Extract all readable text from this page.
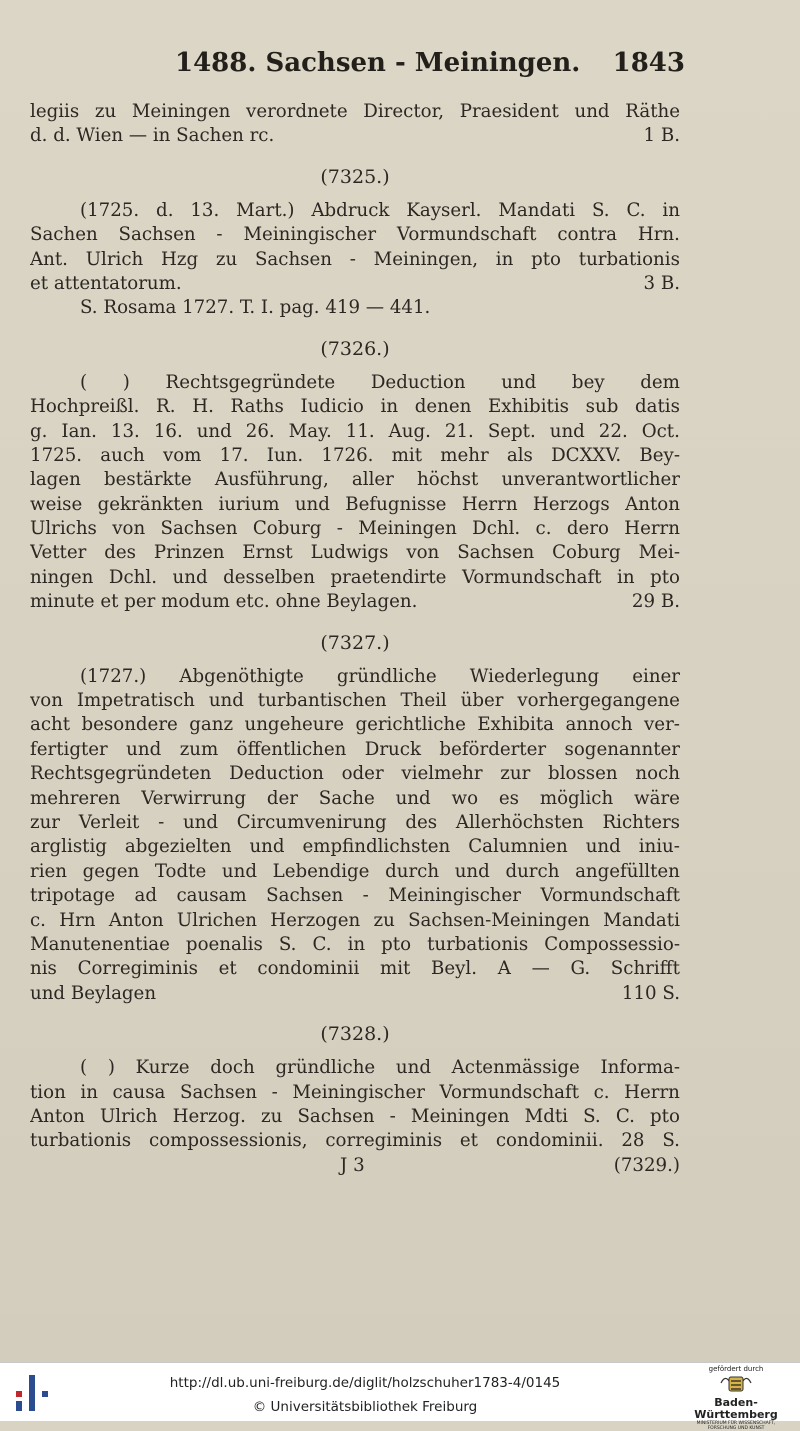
1488. Sachsen - Meiningen. 1843
legiis zu Meiningen verordnete Director, Praesident und Räthe
d. d. Wien — in Sachen rc.	1 B.
(7325.)
(1725. d. 13. Mart.) Abdruck Kayserl. Mandati S. C. in
Sachen Sachsen - Meiningischer Vormundschaft contra Hrn.
Ant. Ulrich Hzg zu Sachsen - Meiningen, in pto turbationis
et attentatorum.	3 B.
S. Rosama 1727. T. I. pag. 419 — 441.
(7326.)
( ) Rechtsgegründete Deduction und bey dem
Hochpreißl. R. H. Raths Iudicio in denen Exhibitis sub datis
g. Ian. 13. 16. und 26. May. 11. Aug. 21. Sept. und 22. Oct.
1725. auch vom 17. Iun. 1726. mit mehr als DCXXV. Bey-
lagen bestärkte Ausführung, aller höchst unverantwortlicher
weise gekränkten iurium und Befugnisse Herrn Herzogs Anton
Ulrichs von Sachsen Coburg - Meiningen Dchl. c. dero Herrn
Vetter des Prinzen Ernst Ludwigs von Sachsen Coburg Mei-
ningen Dchl. und desselben praetendirte Vormundschaft in pto
minute et per modum etc. ohne Beylagen.	29 B.
(7327.)
(1727.) Abgenöthigte gründliche Wiederlegung einer
von Impetratisch und turbantischen Theil über vorhergegangene
acht besondere ganz ungeheure gerichtliche Exhibita annoch ver-
fertigter und zum öffentlichen Druck beförderter sogenannter
Rechtsgegründeten Deduction oder vielmehr zur blossen noch
mehreren Verwirrung der Sache und wo es möglich wäre
zur Verleit - und Circumvenirung des Allerhöchsten Richters
arglistig abgezielten und empfindlichsten Calumnien und iniu-
rien gegen Todte und Lebendige durch und durch angefüllten
tripotage ad causam Sachsen - Meiningischer Vormundschaft
c. Hrn Anton Ulrichen Herzogen zu Sachsen-Meiningen Mandati
Manutenentiae poenalis S. C. in pto turbationis Compossessio-
nis Corregiminis et condominii mit Beyl. A — G. Schrifft
und Beylagen	110 S.
(7328.)
( ) Kurze doch gründliche und Actenmässige Informa-
tion in causa Sachsen - Meiningischer Vormundschaft c. Herrn
Anton Ulrich Herzog. zu Sachsen - Meiningen Mdti S. C. pto
turbationis compossessionis, corregiminis et condominii. 28 S.
J 3	(7329.)
http://dl.ub.uni-freiburg.de/diglit/holzschuher1783-4/0145
© Universitätsbibliothek Freiburg
gefördert durch
Baden-Württemberg
MINISTERIUM FÜR WISSENSCHAFT, FORSCHUNG UND KUNST
